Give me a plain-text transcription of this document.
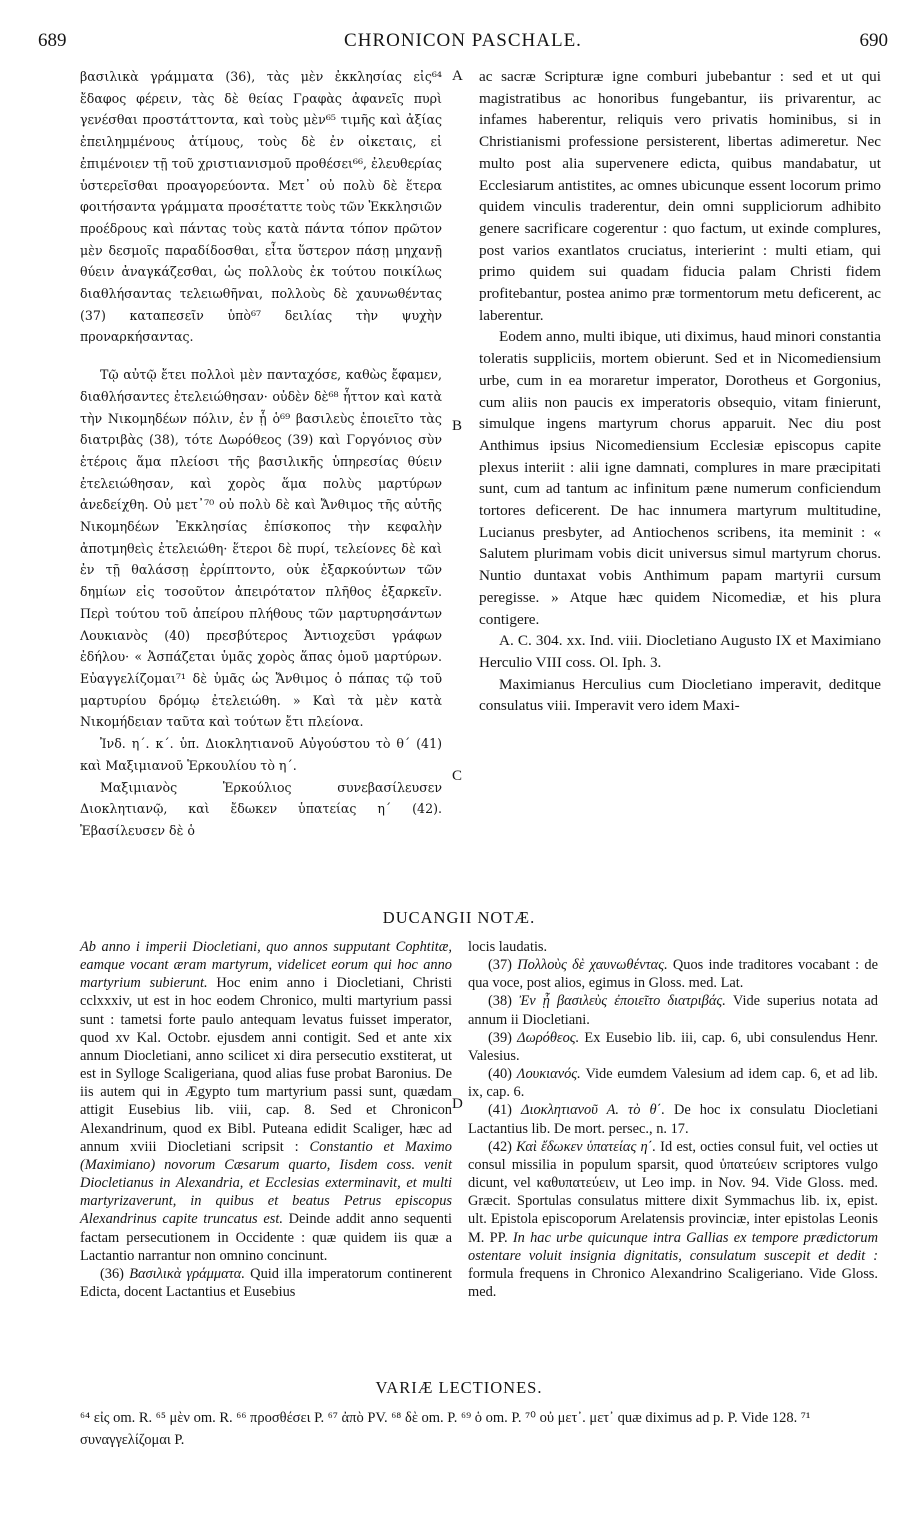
689	CHRONICON PASCHALE.	690

βασιλικὰ γράμματα (36), τὰς μὲν ἐκκλησίας εἰς⁶⁴ ἔδαφος φέρειν, τὰς δὲ θείας Γραφὰς ἀφανεῖς πυρὶ γενέσθαι προστάττοντα, καὶ τοὺς μὲν⁶⁵ τιμῆς καὶ ἀξίας ἐπειλημμένους ἀτίμους, τοὺς δὲ ἐν οἰκεταις, εἰ ἐπιμένοιεν τῇ τοῦ χριστιανισμοῦ προθέσει⁶⁶, ἐλευθερίας ὑστερεῖσθαι προαγορεύοντα. Μετ᾽ οὐ πολὺ δὲ ἕτερα φοιτήσαντα γράμματα προσέταττε τοὺς τῶν Ἐκκλησιῶν προέδρους καὶ πάντας τοὺς κατὰ πάντα τόπον πρῶτον μὲν δεσμοῖς παραδίδοσθαι, εἶτα ὕστερον πάσῃ μηχανῇ θύειν ἀναγκάζεσθαι, ὡς πολλοὺς ἐκ τούτου ποικίλως διαθλήσαντας τελειωθῆναι, πολλοὺς δὲ χαυνωθέντας (37) καταπεσεῖν ὑπὸ⁶⁷ δειλίας τὴν ψυχὴν προναρκήσαντας.

Τῷ αὐτῷ ἔτει πολλοὶ μὲν πανταχόσε, καθὼς ἔφαμεν, διαθλήσαντες ἐτελειώθησαν· οὐδὲν δὲ⁶⁸ ἧττον καὶ κατὰ τὴν Νικομηδέων πόλιν, ἐν ᾗ ὁ⁶⁹ βασιλεὺς ἐποιεῖτο τὰς διατριβὰς (38), τότε Δωρόθεος (39) καὶ Γοργόνιος σὺν ἑτέροις ἅμα πλείοσι τῆς βασιλικῆς ὑπηρεσίας θύειν ἐτελειώθησαν, καὶ χορὸς ἅμα πολὺς μαρτύρων ἀνεδείχθη. Οὐ μετ᾽⁷⁰ οὐ πολὺ δὲ καὶ Ἄνθιμος τῆς αὐτῆς Νικομηδέων Ἐκκλησίας ἐπίσκοπος τὴν κεφαλὴν ἀποτμηθεὶς ἐτελειώθη· ἕτεροι δὲ πυρί, τελείονες δὲ καὶ ἐν τῇ θαλάσσῃ ἐρρίπτοντο, οὐκ ἐξαρκούντων τῶν δημίων εἰς τοσοῦτον ἀπειρότατον πλῆθος ἐξαρκεῖν. Περὶ τούτου τοῦ ἀπείρου πλήθους τῶν μαρτυρησάντων Λουκιανὸς (40) πρεσβύτερος Ἀντιοχεῦσι γράφων ἐδήλου· « Ἀσπάζεται ὑμᾶς χορὸς ἅπας ὁμοῦ μαρτύρων. Εὐαγγελίζομαι⁷¹ δὲ ὑμᾶς ὡς Ἄνθιμος ὁ πάπας τῷ τοῦ μαρτυρίου δρόμῳ ἐτελειώθη. » Καὶ τὰ μὲν κατὰ Νικομήδειαν ταῦτα καὶ τούτων ἔτι πλείονα.

Ἰνδ. η΄. κ΄. ὑπ. Διοκλητιανοῦ Αὐγούστου τὸ θ΄ (41) καὶ Μαξιμιανοῦ Ἑρκουλίου τὸ η΄.

Μαξιμιανὸς Ἑρκούλιος συνεβασίλευσεν Διοκλητιανῷ, καὶ ἔδωκεν ὑπατείας η΄ (42). Ἐβασίλευσεν δὲ ὁ

A
B
C
D

ac sacræ Scripturæ igne comburi jubebantur : sed et ut qui magistratibus ac honoribus fungebantur, iis privarentur, ac infames haberentur, reliquis vero privatis hominibus, si in Christianismi professione persisterent, libertas adimeretur. Nec multo post alia supervenere edicta, quibus mandabatur, ut Ecclesiarum antistites, ac omnes ubicunque essent locorum primo quidem vinculis traderentur, dein omni suppliciorum adhibito genere sacrificare cogerentur : quo factum, ut exinde complures, post varios exantlatos cruciatus, interierint : multi etiam, qui primo quidem sui quadam fiducia palam Christi fidem profitebantur, postea animo præ tormentorum metu deficerent, ac laberentur.

Eodem anno, multi ibique, uti diximus, haud minori constantia toleratis suppliciis, mortem obierunt. Sed et in Nicomediensium urbe, cum in ea moraretur imperator, Dorotheus et Gorgonius, cum aliis non paucis ex imperatoris obsequio, vitam finierunt, simulque ingens martyrum chorus apparuit. Nec diu post Anthimus ipsius Nicomediensium Ecclesiæ episcopus capite plexus interiit : alii igne damnati, complures in mare præcipitati sunt, cum ad tantum ac infinitum pæne numerum conficiendum tortores deficerent. De hac innumera martyrum multitudine, Lucianus presbyter, ad Antiochenos scribens, ita meminit : « Salutem plurimam vobis dicit universus simul martyrum chorus. Nuntio duntaxat vobis Anthimum papam martyrii cursum peregisse. » Atque hæc quidem Nicomediæ, et his plura contigere.

A. C. 304. xx. Ind. viii. Diocletiano Augusto IX et Maximiano Herculio VIII coss. Ol. Iph. 3.

Maximianus Herculius cum Diocletiano imperavit, deditque consulatus viii. Imperavit vero idem Maxi-

DUCANGII NOTÆ.

Ab anno i imperii Diocletiani, quo annos supputant Cophtitæ, eamque vocant æram martyrum, videlicet eorum qui hoc anno martyrium subierunt. Hoc enim anno i Diocletiani, Christi cclxxxiv, ut est in hoc eodem Chronico, multi martyrium passi sunt : tametsi forte paulo antequam levatus fuisset imperator, quod xv Kal. Octobr. ejusdem anni contigit. Sed et ante xix annum Diocletiani, anno scilicet xi dira persecutio exstiterat, ut est in Sylloge Scaligeriana, quod alias fuse probat Baronius. De iis autem qui in Ægypto tum martyrium passi sunt, quædam attigit Eusebius lib. viii, cap. 8. Sed et Chronicon Alexandrinum, quod ex Bibl. Puteana edidit Scaliger, hæc ad annum xviii Diocletiani scripsit : Constantio et Maximo (Maximiano) novorum Cæsarum quarto, Iisdem coss. venit Diocletianus in Alexandria, et Ecclesias exterminavit, et multi martyrizaverunt, in quibus et beatus Petrus episcopus Alexandrinus capite truncatus est. Deinde addit anno sequenti factam persecutionem in Occidente : quæ quidem iis quæ a Lactantio narrantur non omnino concinunt.

(36) Βασιλικὰ γράμματα. Quid illa imperatorum continerent Edicta, docent Lactantius et Eusebius

locis laudatis.

(37) Πολλοὺς δὲ χαυνωθέντας. Quos inde traditores vocabant : de qua voce, post alios, egimus in Gloss. med. Lat.

(38) Ἐν ᾗ βασιλεὺς ἐποιεῖτο διατριβάς. Vide superius notata ad annum ii Diocletiani.

(39) Δωρόθεος. Ex Eusebio lib. iii, cap. 6, ubi consulendus Henr. Valesius.

(40) Λουκιανός. Vide eumdem Valesium ad idem cap. 6, et ad lib. ix, cap. 6.

(41) Διοκλητιανοῦ Α. τὸ θ΄. De hoc ix consulatu Diocletiani Lactantius lib. De mort. persec., n. 17.

(42) Καὶ ἔδωκεν ὑπατείας η΄. Id est, octies consul fuit, vel octies ut consul missilia in populum sparsit, quod ὑπατεύειν scriptores vulgo dicunt, vel καθυπατεύειν, ut Leo imp. in Nov. 94. Vide Gloss. med. Græcit. Sportulas consulatus mittere dixit Symmachus lib. ix, epist. ult. Epistola episcoporum Arelatensis provinciæ, inter epistolas Leonis M. PP. In hac urbe quicunque intra Gallias ex tempore prædictorum ostentare voluit insignia dignitatis, consulatum suscepit et dedit : formula frequens in Chronico Alexandrino Scaligeriano. Vide Gloss. med.

VARIÆ LECTIONES.
⁶⁴ εἰς om. R. ⁶⁵ μὲν om. R. ⁶⁶ προσθέσει P. ⁶⁷ ἀπὸ PV. ⁶⁸ δὲ om. P. ⁶⁹ ὁ om. P. ⁷⁰ οὐ μετ᾽. μετ᾽ quæ diximus ad p. P. Vide 128. ⁷¹ συναγγελίζομαι P.
